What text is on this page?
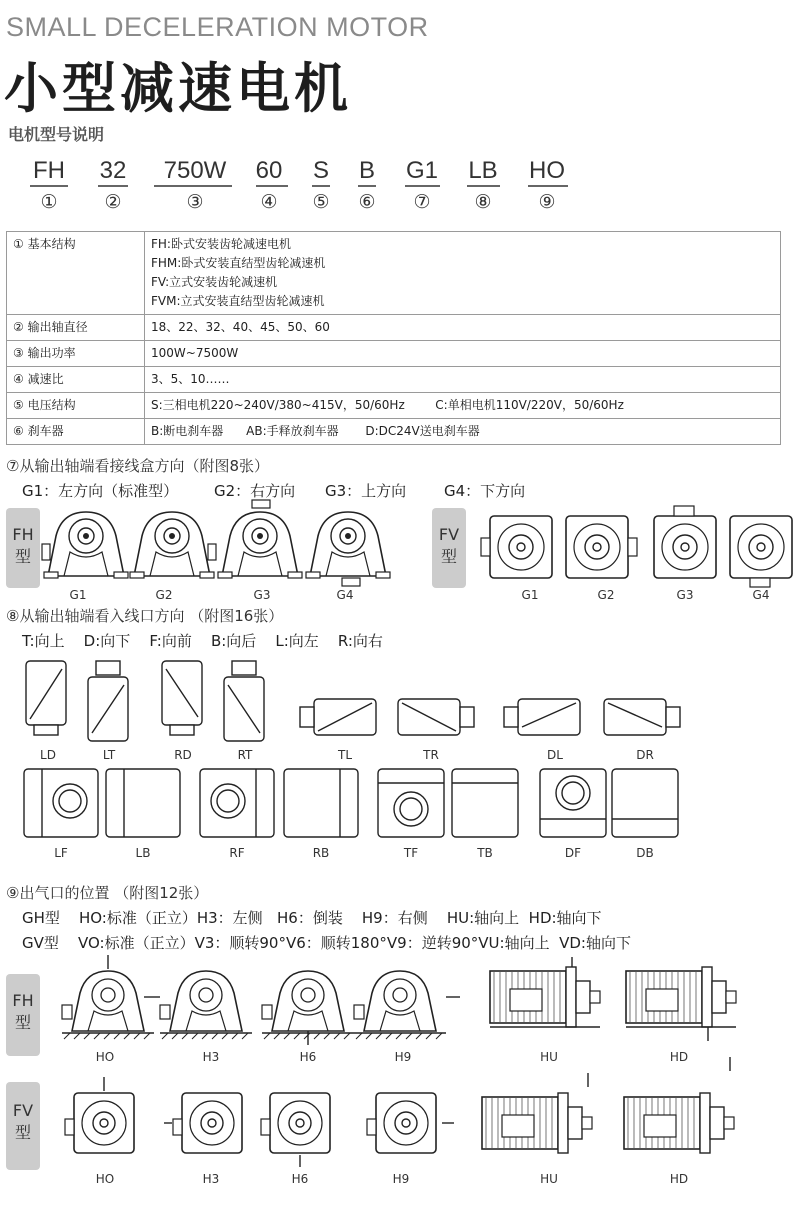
SMALL DECELERATION MOTOR
小型减速电机
电机型号说明
FH	32	750W	60	S	B	G1	LB	HO
①	②	③	④	⑤	⑥	⑦	⑧	⑨
① 基本结构	FH:卧式安装齿轮减速电机
FHM:卧式安装直结型齿轮减速机
FV:立式安装齿轮减速机
FVM:立式安装直结型齿轮减速机

② 输出轴直径	18、22、32、40、45、50、60
③ 输出功率	100W~7500W
④ 减速比	3、5、10……
⑤ 电压结构	S:三相电机220~240V/380~415V，50/60Hz        C:单相电机110V/220V，50/60Hz
⑥ 刹车器	B:断电刹车器      AB:手释放刹车器       D:DC24V送电刹车器
⑦从输出轴端看接线盒方向（附图8张）
G1：左方向（标准型） G2：右方向 G3：上方向	G4：下方向
FH
型
FV
型
G1	G2	G3	G4	G1	G2	G3	G4
⑧从输出轴端看入线口方向 （附图16张）
T:向上 D:向下 F:向前 B:向后 L:向左 R:向右
LD	LT	RD	RT	TL	TR	DL	DR
LF	LB	RF	RB	TF	TB	DF	DB
⑨出气口的位置 （附图12张）
GH型 HO:标准（正立）H3：左侧 H6：倒装 H9：右侧 HU:轴向上  HD:轴向下
GV型 VO:标准（正立）V3：顺转90°V6：顺转180°V9：逆转90°VU:轴向上  VD:轴向下
FH
型
FV
型
HO	H3	H6	H9	HU	HD
HO	H3	H6	H9	HU	HD
